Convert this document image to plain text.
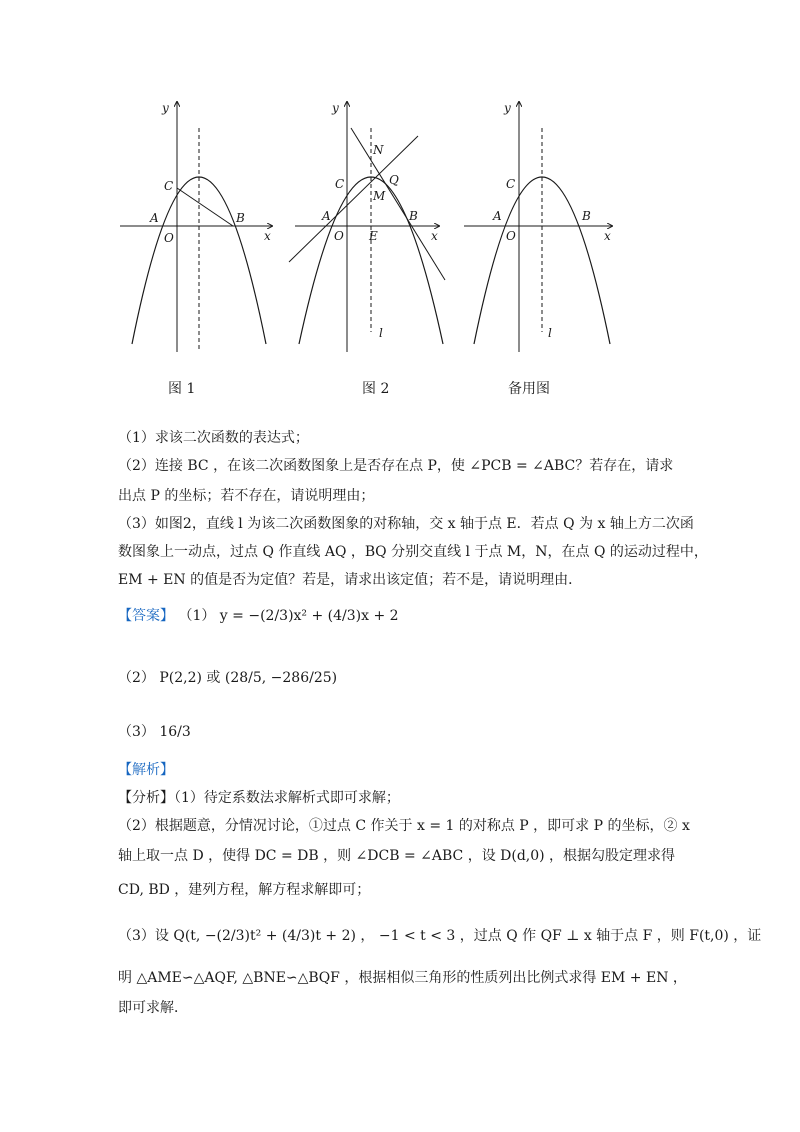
y
x
C
A
O
B
y
x
N
C	Q
M
A
O E
B
l
y
x
C
A
O
B
l
图 1	图 2	备用图
（1）求该二次函数的表达式；
（2）连接 BC ，在该二次函数图象上是否存在点 P，使 ∠PCB = ∠ABC？若存在，请求
出点 P 的坐标；若不存在，请说明理由；
（3）如图2，直线 l 为该二次函数图象的对称轴，交 x 轴于点 E．若点 Q 为 x 轴上方二次函
数图象上一动点，过点 Q 作直线 AQ ，BQ 分别交直线 l 于点 M，N，在点 Q 的运动过程中，
EM + EN 的值是否为定值？若是，请求出该定值；若不是，请说明理由．
【答案】 （1） y = −(2/3)x² + (4/3)x + 2
（2） P(2,2) 或 (28/5, −286/25)
（3） 16/3
【解析】
【分析】（1）待定系数法求解析式即可求解；
（2）根据题意，分情况讨论，①过点 C 作关于 x = 1 的对称点 P ，即可求 P 的坐标，② x
轴上取一点 D ，使得 DC = DB ，则 ∠DCB = ∠ABC ，设 D(d,0) ，根据勾股定理求得
CD, BD ，建列方程，解方程求解即可；
（3）设 Q(t, −(2/3)t² + (4/3)t + 2) ， −1 < t < 3 ，过点 Q 作 QF ⊥ x 轴于点 F ，则 F(t,0) ，证
明 △AME∽△AQF, △BNE∽△BQF ，根据相似三角形的性质列出比例式求得 EM + EN ，
即可求解．
